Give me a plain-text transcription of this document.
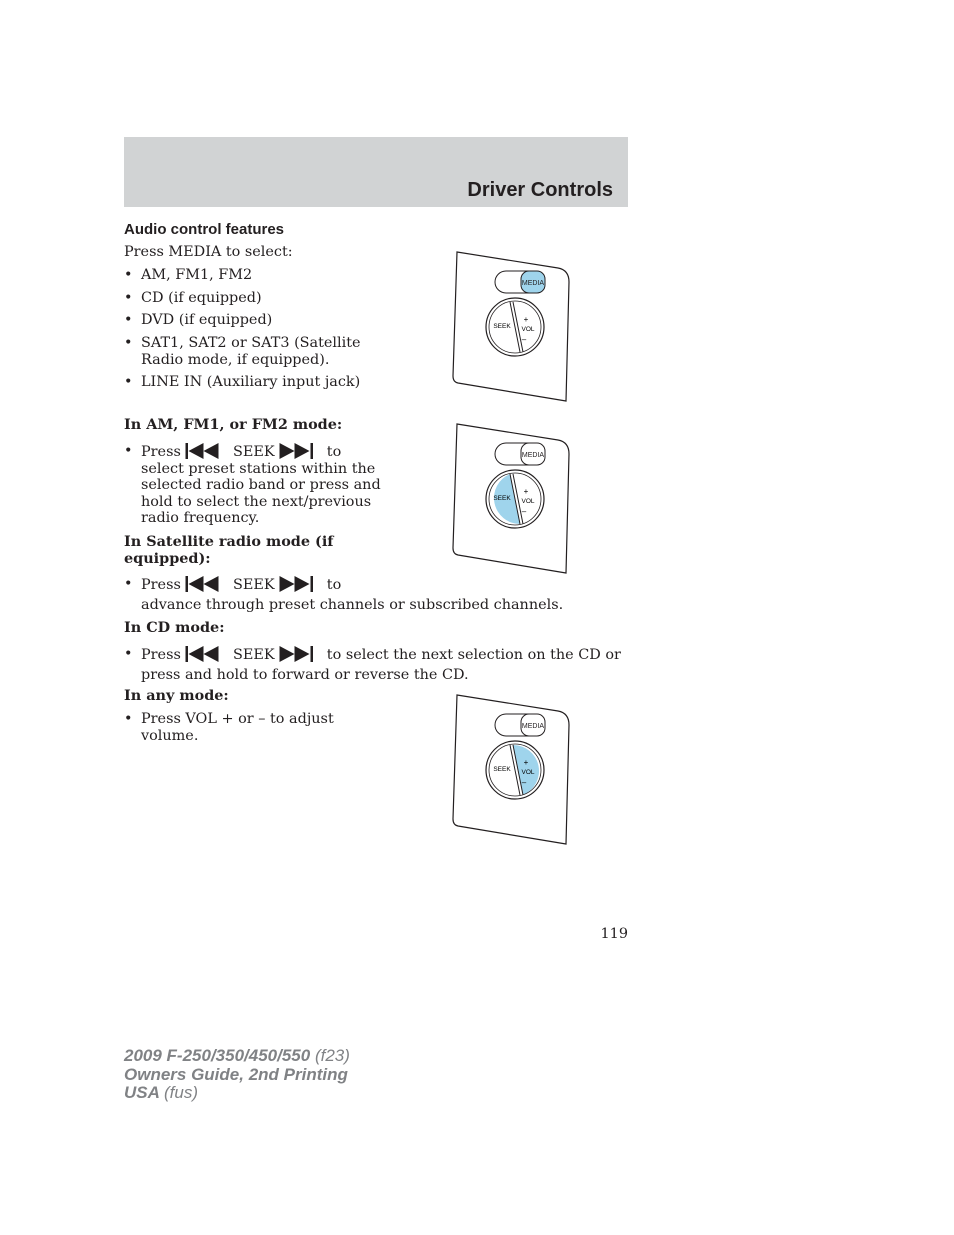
Driver Controls
Audio control features
Press MEDIA to select:
• AM, FM1, FM2
• CD (if equipped)
• DVD (if equipped)
• SAT1, SAT2 or SAT3 (Satellite
Radio mode, if equipped).
• LINE IN (Auxiliary input jack)
In AM, FM1, or FM2 mode:
• Press	SEEK	to
select preset stations within the
selected radio band or press and
hold to select the next/previous
radio frequency.
In Satellite radio mode (if
equipped):
• Press	SEEK	to
advance through preset channels or subscribed channels.
In CD mode:
• Press	SEEK	to select the next selection on the CD or
press and hold to forward or reverse the CD.
In any mode:
• Press VOL + or – to adjust
volume.
MEDIA
SEEK VOL
+
–
MEDIA
SEEK VOL
+
–
MEDIA
SEEK VOL
+
–
119
2009 F-250/350/450/550 (f23)
Owners Guide, 2nd Printing
USA (fus)
